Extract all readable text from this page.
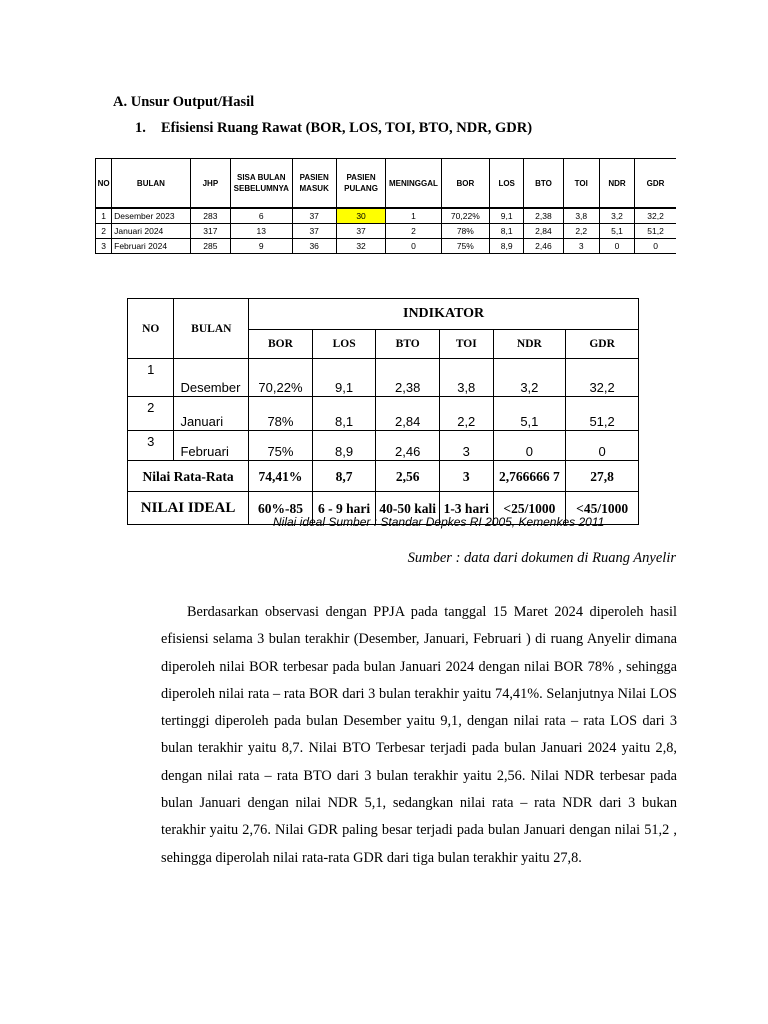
A. Unsur Output/Hasil
1. Efisiensi Ruang Rawat (BOR, LOS, TOI, BTO, NDR, GDR)
NO	BULAN	JHP	SISA BULAN SEBELUMNYA	PASIEN MASUK	PASIEN PULANG	MENINGGAL	BOR	LOS	BTO	TOI	NDR	GDR
1	Desember 2023	283	6	37	30	1	70,22%	9,1	2,38	3,8	3,2	32,2
2	Januari 2024	317	13	37	37	2	78%	8,1	2,84	2,2	5,1	51,2
3	Februari 2024	285	9	36	32	0	75%	8,9	2,46	3	0	0
NO	BULAN	INDIKATOR					
		BOR	LOS	BTO	TOI	NDR	GDR
1	Desember	70,22%	9,1	2,38	3,8	3,2	32,2
2	Januari	78%	8,1	2,84	2,2	5,1	51,2
3	Februari	75%	8,9	2,46	3	0	0
Nilai Rata-Rata		74,41%	8,7	2,56	3	2,766666 7	27,8
NILAI IDEAL		60%-85	6 - 9 hari	40-50 kali	1-3 hari	<25/1000	<45/1000
Nilai ideal Sumber : Standar Depkes RI 2005, Kemenkes 2011
Sumber : data dari dokumen di Ruang Anyelir

Berdasarkan observasi dengan PPJA pada tanggal 15 Maret 2024 diperoleh hasil efisiensi selama 3 bulan terakhir (Desember, Januari, Februari ) di ruang Anyelir dimana diperoleh nilai BOR terbesar pada bulan Januari 2024 dengan nilai BOR 78% , sehingga diperoleh nilai rata – rata BOR dari 3 bulan terakhir yaitu 74,41%. Selanjutnya Nilai LOS tertinggi diperoleh pada bulan Desember yaitu 9,1, dengan nilai rata – rata LOS dari 3 bulan terakhir yaitu 8,7. Nilai BTO Terbesar terjadi pada bulan Januari 2024 yaitu 2,8, dengan nilai rata – rata BTO dari 3 bulan terakhir yaitu 2,56. Nilai NDR terbesar pada bulan Januari dengan nilai NDR 5,1, sedangkan nilai rata – rata NDR dari 3 bukan terakhir yaitu 2,76. Nilai GDR paling besar terjadi pada bulan Januari dengan nilai 51,2 , sehingga diperolah nilai rata-rata GDR dari tiga bulan terakhir yaitu 27,8.
